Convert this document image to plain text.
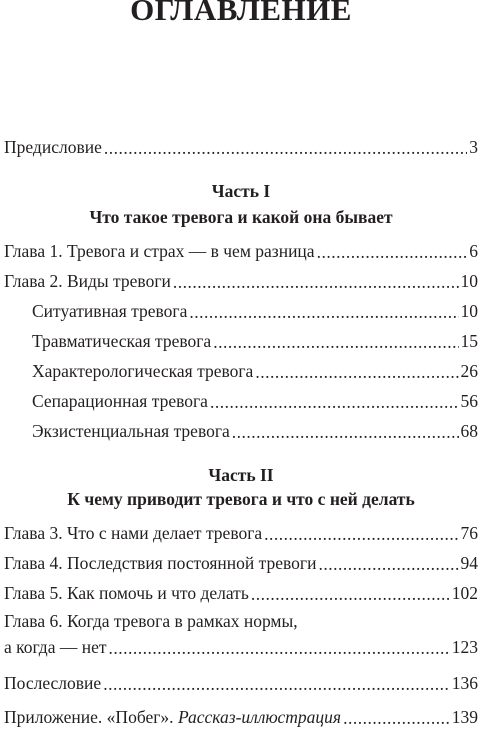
ОГЛАВЛЕНИЕ
Предисловие .....	3
Часть I
Что такое тревога и какой она бывает
Глава 1. Тревога и страх — в чем разница .....	6
Глава 2. Виды тревоги .....	10
Ситуативная тревога .....	10
Травматическая тревога .....	15
Характерологическая тревога .....	26
Сепарационная тревога .....	56
Экзистенциальная тревога .....	68
Часть II
К чему приводит тревога и что с ней делать
Глава 3. Что с нами делает тревога .....	76
Глава 4. Последствия постоянной тревоги .....	94
Глава 5. Как помочь и что делать .....	102
Глава 6. Когда тревога в рамках нормы,
а когда — нет .....	123
Послесловие .....	136
Приложение. «Побег». Рассказ-иллюстрация .....	139
